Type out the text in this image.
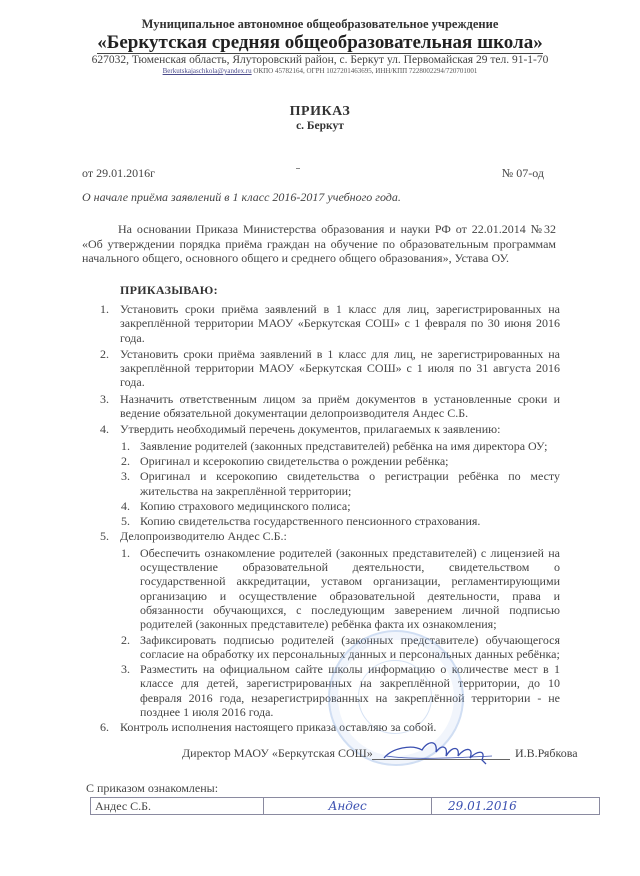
Муниципальное автономное общеобразовательное учреждение
«Беркутская средняя общеобразовательная школа»
627032, Тюменская область, Ялуторовский район, с. Беркут ул. Первомайская 29 тел. 91-1-70
Berkutskajaschkola@yandex.ru ОКПО 45782164, ОГРН 1027201463695, ИНН/КПП 7228002294/720701001
ПРИКАЗ
с. Беркут
от 29.01.2016г	№ 07-од
О начале приёма заявлений в 1 класс 2016-2017 учебного года.
На основании Приказа Министерства образования и науки РФ от 22.01.2014 №32 «Об утверждении порядка приёма граждан на обучение по образовательным программам начального общего, основного общего и среднего общего образования», Устава ОУ.
ПРИКАЗЫВАЮ:
1. Установить сроки приёма заявлений в 1 класс для лиц, зарегистрированных на закреплённой территории МАОУ «Беркутская СОШ» с 1 февраля по 30 июня 2016 года.
2. Установить сроки приёма заявлений в 1 класс для лиц, не зарегистрированных на закреплённой территории МАОУ «Беркутская СОШ» с 1 июля по 31 августа 2016 года.
3. Назначить ответственным лицом за приём документов в установленные сроки и ведение обязательной документации делопроизводителя Андес С.Б.
4. Утвердить необходимый перечень документов, прилагаемых к заявлению:
1. Заявление родителей (законных представителей) ребёнка на имя директора ОУ;
2. Оригинал и ксерокопию свидетельства о рождении ребёнка;
3. Оригинал и ксерокопию свидетельства о регистрации ребёнка по месту жительства на закреплённой территории;
4. Копию страхового медицинского полиса;
5. Копию свидетельства государственного пенсионного страхования.
5. Делопроизводителю Андес С.Б.:
1. Обеспечить ознакомление родителей (законных представителей) с лицензией на осуществление образовательной деятельности, свидетельством о государственной аккредитации, уставом организации, регламентирующими организацию и осуществление образовательной деятельности, права и обязанности обучающихся, с последующим заверением личной подписью родителей (законных представителе) ребёнка факта их ознакомления;
2. Зафиксировать подписью родителей (законных представителе) обучающегося согласие на обработку их персональных данных и персональных данных ребёнка;
3. Разместить на официальном сайте школы информацию о количестве мест в 1 классе для детей, зарегистрированных на закреплённой территории, до 10 февраля 2016 года, незарегистрированных на закреплённой территории - не позднее 1 июля 2016 года.
6. Контроль исполнения настоящего приказа оставляю за собой.
Директор МАОУ «Беркутская СОШ»	И.В.Рябкова
С приказом ознакомлены:
Андес С.Б.	Андес	29.01.2016
